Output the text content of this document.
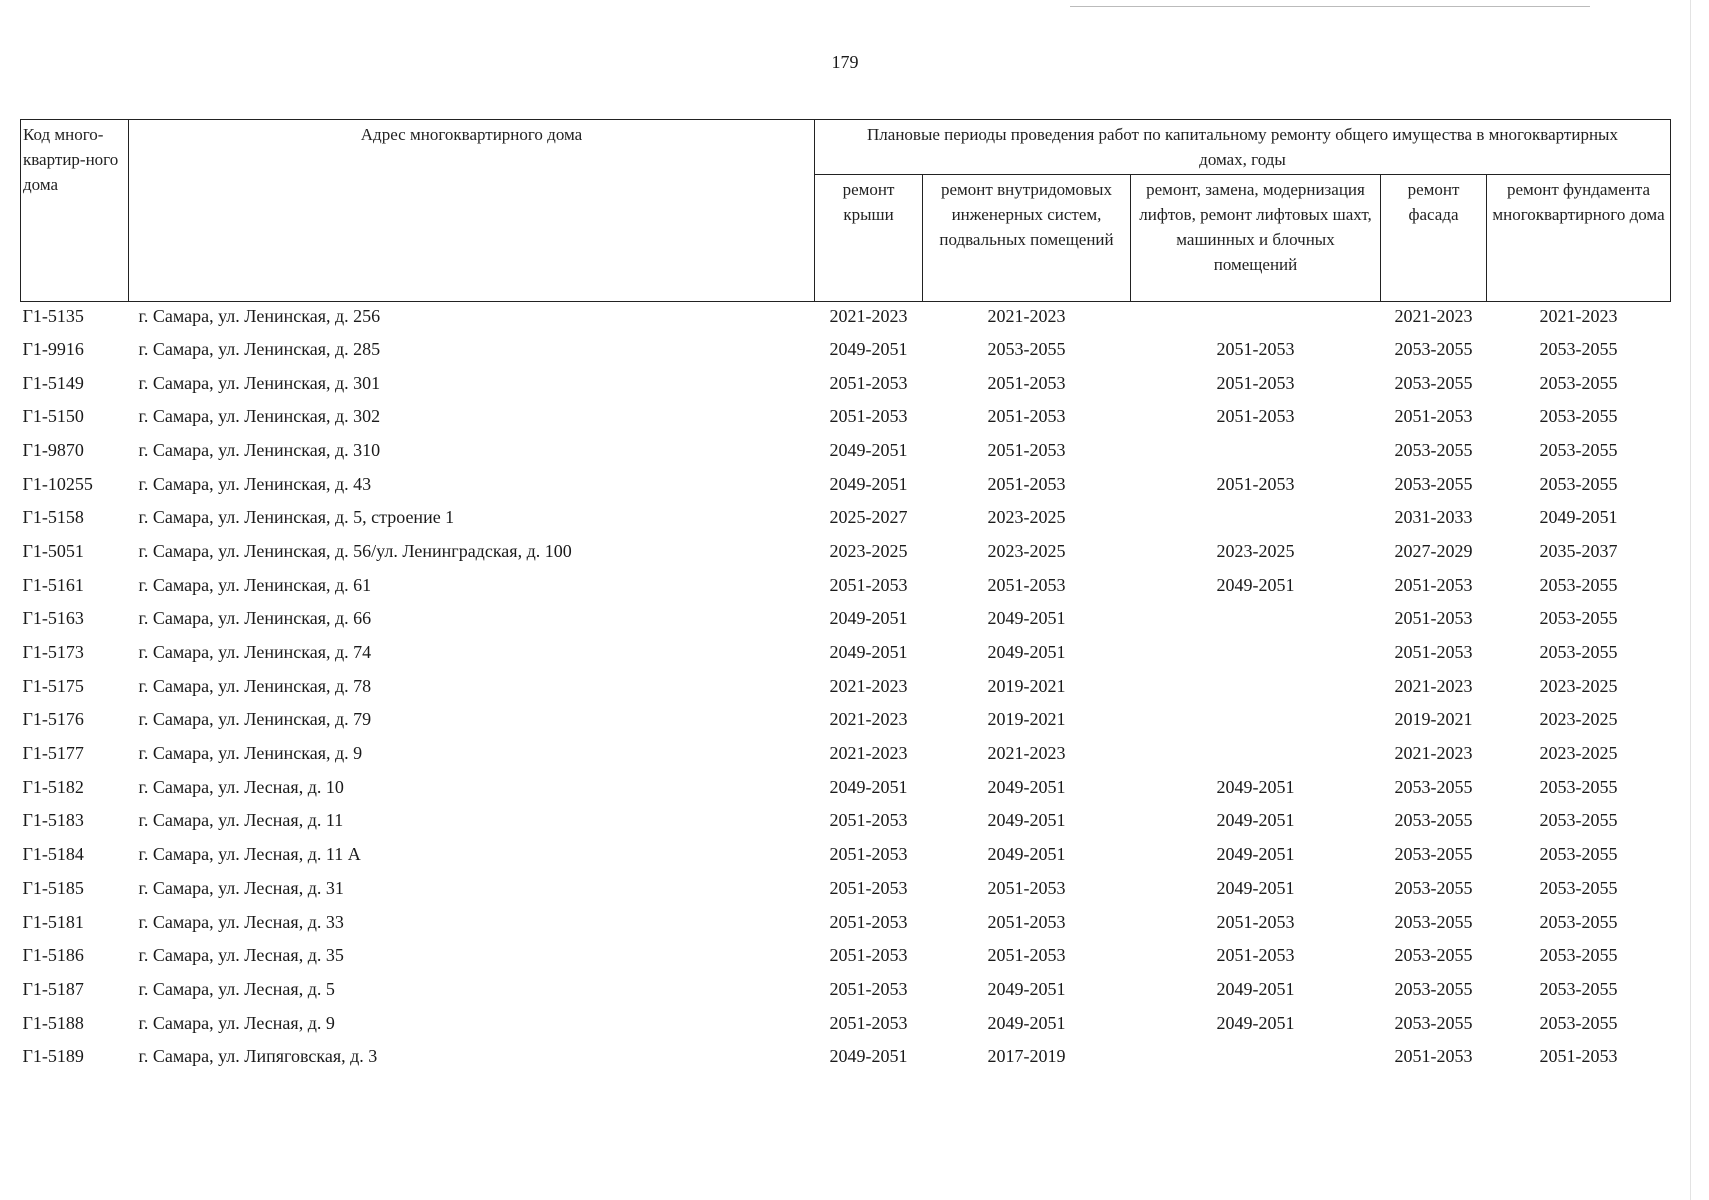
179
Код много-квартир-ного дома	Адрес многоквартирного дома	Плановые периоды проведения работ по капитальному ремонту общего имущества в многоквартирных домах, годы				
		ремонт крыши	ремонт внутридомовых инженерных систем, подвальных помещений	ремонт, замена, модернизация лифтов, ремонт лифтовых шахт, машинных и блочных помещений	ремонт фасада	ремонт фундамента многоквартирного дома
Г1-5135	г. Самара, ул. Ленинская, д. 256	2021-2023	2021-2023		2021-2023	2021-2023
Г1-9916	г. Самара, ул. Ленинская, д. 285	2049-2051	2053-2055	2051-2053	2053-2055	2053-2055
Г1-5149	г. Самара, ул. Ленинская, д. 301	2051-2053	2051-2053	2051-2053	2053-2055	2053-2055
Г1-5150	г. Самара, ул. Ленинская, д. 302	2051-2053	2051-2053	2051-2053	2051-2053	2053-2055
Г1-9870	г. Самара, ул. Ленинская, д. 310	2049-2051	2051-2053		2053-2055	2053-2055
Г1-10255	г. Самара, ул. Ленинская, д. 43	2049-2051	2051-2053	2051-2053	2053-2055	2053-2055
Г1-5158	г. Самара, ул. Ленинская, д. 5, строение 1	2025-2027	2023-2025		2031-2033	2049-2051
Г1-5051	г. Самара, ул. Ленинская, д. 56/ул. Ленинградская, д. 100	2023-2025	2023-2025	2023-2025	2027-2029	2035-2037
Г1-5161	г. Самара, ул. Ленинская, д. 61	2051-2053	2051-2053	2049-2051	2051-2053	2053-2055
Г1-5163	г. Самара, ул. Ленинская, д. 66	2049-2051	2049-2051		2051-2053	2053-2055
Г1-5173	г. Самара, ул. Ленинская, д. 74	2049-2051	2049-2051		2051-2053	2053-2055
Г1-5175	г. Самара, ул. Ленинская, д. 78	2021-2023	2019-2021		2021-2023	2023-2025
Г1-5176	г. Самара, ул. Ленинская, д. 79	2021-2023	2019-2021		2019-2021	2023-2025
Г1-5177	г. Самара, ул. Ленинская, д. 9	2021-2023	2021-2023		2021-2023	2023-2025
Г1-5182	г. Самара, ул. Лесная, д. 10	2049-2051	2049-2051	2049-2051	2053-2055	2053-2055
Г1-5183	г. Самара, ул. Лесная, д. 11	2051-2053	2049-2051	2049-2051	2053-2055	2053-2055
Г1-5184	г. Самара, ул. Лесная, д. 11 А	2051-2053	2049-2051	2049-2051	2053-2055	2053-2055
Г1-5185	г. Самара, ул. Лесная, д. 31	2051-2053	2051-2053	2049-2051	2053-2055	2053-2055
Г1-5181	г. Самара, ул. Лесная, д. 33	2051-2053	2051-2053	2051-2053	2053-2055	2053-2055
Г1-5186	г. Самара, ул. Лесная, д. 35	2051-2053	2051-2053	2051-2053	2053-2055	2053-2055
Г1-5187	г. Самара, ул. Лесная, д. 5	2051-2053	2049-2051	2049-2051	2053-2055	2053-2055
Г1-5188	г. Самара, ул. Лесная, д. 9	2051-2053	2049-2051	2049-2051	2053-2055	2053-2055
Г1-5189	г. Самара, ул. Липяговская, д. 3	2049-2051	2017-2019		2051-2053	2051-2053
